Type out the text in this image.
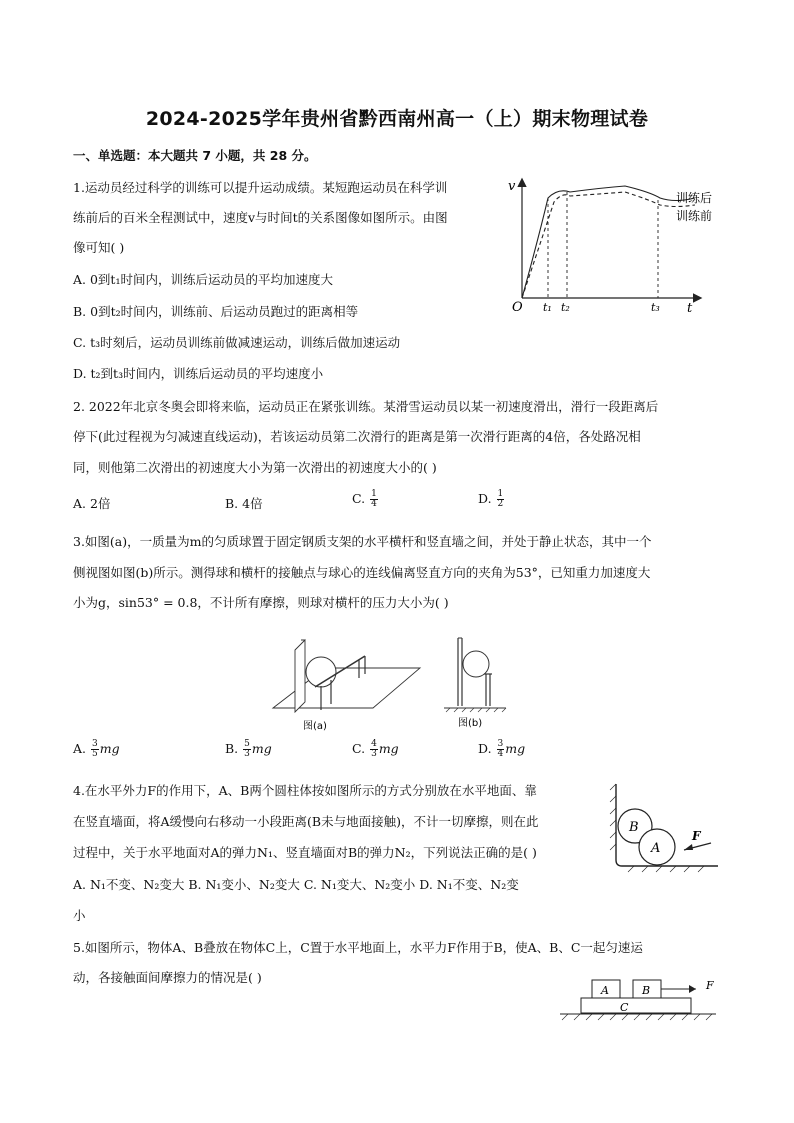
2024-2025学年贵州省黔西南州高一（上）期末物理试卷
一、单选题：本大题共 7 小题，共 28 分。
1.运动员经过科学的训练可以提升运动成绩。某短跑运动员在科学训
练前后的百米全程测试中，速度v与时间t的关系图像如图所示。由图
像可知( )
A. 0到t₁时间内，训练后运动员的平均加速度大
B. 0到t₂时间内，训练前、后运动员跑过的距离相等
C. t₃时刻后，运动员训练前做减速运动，训练后做加速运动
D. t₂到t₃时间内，训练后运动员的平均速度小
v
t
O t₁ t₂	t₃
训练后
训练前
2. 2022年北京冬奥会即将来临，运动员正在紧张训练。某滑雪运动员以某一初速度滑出，滑行一段距离后
停下(此过程视为匀减速直线运动)，若该运动员第二次滑行的距离是第一次滑行距离的4倍，各处路况相
同，则他第二次滑出的初速度大小为第一次滑出的初速度大小的( )
A. 2倍	B. 4倍	C. $\frac{1}{4}$	D. $\frac{1}{2}$
3.如图(a)，一质量为m的匀质球置于固定钢质支架的水平横杆和竖直墙之间，并处于静止状态，其中一个
侧视图如图(b)所示。测得球和横杆的接触点与球心的连线偏离竖直方向的夹角为53°，已知重力加速度大
小为g，sin53° = 0.8，不计所有摩擦，则球对横杆的压力大小为( )
图(a)	图(b)
A. $\frac{3}{5}$ mg	B. $\frac{5}{3}$ mg	C. $\frac{4}{3}$ mg	D. $\frac{3}{4}$ mg
4.在水平外力F的作用下，A、B两个圆柱体按如图所示的方式分别放在水平地面、靠
在竖直墙面，将A缓慢向右移动一小段距离(B未与地面接触)，不计一切摩擦，则在此
过程中，关于水平地面对A的弹力N₁、竖直墙面对B的弹力N₂，下列说法正确的是( )
A. N₁不变、N₂变大 B. N₁变小、N₂变大 C. N₁变大、N₂变小 D. N₁不变、N₂变
小
B
A
F
5.如图所示，物体A、B叠放在物体C上，C置于水平地面上，水平力F作用于B，使A、B、C一起匀速运
动，各接触面间摩擦力的情况是( )
A	B
C
F
